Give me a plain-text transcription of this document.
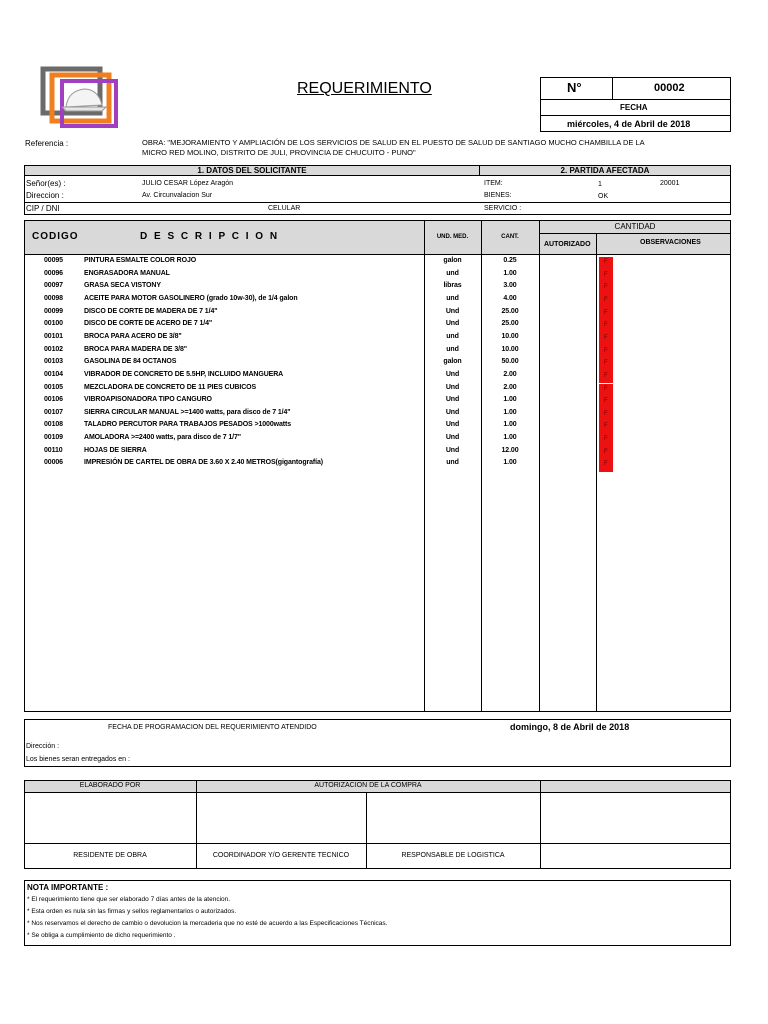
REQUERIMIENTO	N°	00002
FECHA
miércoles, 4 de Abril de 2018
Referencia :	OBRA: "MEJORAMIENTO Y AMPLIACIÓN DE LOS SERVICIOS DE SALUD EN EL PUESTO DE SALUD DE SANTIAGO MUCHO CHAMBILLA DE LA
MICRO RED MOLINO, DISTRITO DE JULI, PROVINCIA DE CHUCUITO - PUNO"
1. DATOS DEL SOLICITANTE	2. PARTIDA AFECTADA
Señor(es) :	JULIO CESAR López Aragón
Direccion :	Av. Circunvalacion Sur
CIP / DNI	CELULAR
ITEM:	1	20001
BIENES:	OK
SERVICIO :
CODIGO	D E S C R I P C I O N	UND. MED.	CANT.
CANTIDAD
AUTORIZADO	OBSERVACIONES
00095	PINTURA ESMALTE COLOR ROJO	galon	0.25	F
00096	ENGRASADORA MANUAL	und	1.00	F
00097	GRASA SECA VISTONY	libras	3.00	F
00098	ACEITE PARA MOTOR GASOLINERO (grado 10w-30), de 1/4 galon	und	4.00	F
00099	DISCO DE CORTE DE MADERA DE 7 1/4"	Und	25.00	F
00100	DISCO DE CORTE DE ACERO DE 7 1/4"	Und	25.00	F
00101	BROCA PARA ACERO DE 3/8"	und	10.00	F
00102	BROCA PARA MADERA DE 3/8"	und	10.00	F
00103	GASOLINA DE 84 OCTANOS	galon	50.00	F
00104	VIBRADOR DE CONCRETO DE 5.5HP, INCLUIDO MANGUERA	Und	2.00	F
00105	MEZCLADORA DE CONCRETO DE 11 PIES CUBICOS	Und	2.00	F
00106	VIBROAPISONADORA TIPO CANGURO	Und	1.00	F
00107	SIERRA CIRCULAR MANUAL >=1400 watts, para disco de 7 1/4"	Und	1.00	F
00108	TALADRO PERCUTOR PARA TRABAJOS PESADOS >1000watts	Und	1.00	F
00109	AMOLADORA >=2400 watts, para disco de 7 1/7"	Und	1.00	F
00110	HOJAS DE SIERRA	Und	12.00	F
00006	IMPRESIÓN DE CARTEL DE OBRA DE 3.60 X 2.40 METROS(gigantografía)	und	1.00	F
FECHA DE PROGRAMACION DEL REQUERIMIENTO ATENDIDO	domingo, 8 de Abril de 2018
Dirección :
Los bienes seran entregados en :
ELABORADO POR	AUTORIZACION DE LA COMPRA
RESIDENTE DE OBRA	COORDINADOR Y/O GERENTE TECNICO	RESPONSABLE DE LOGISTICA
NOTA IMPORTANTE :
* El requerimiento tiene que ser elaborado 7 días antes de la atencion.
* Esta orden es nula sin las firmas y sellos reglamentarios o autorizados.
* Nos reservamos el derecho de cambio o devolucion la mercaderia que no esté de acuerdo a las Especificaciones Técnicas.
* Se obliga a cumplimiento de dicho requerimiento .
